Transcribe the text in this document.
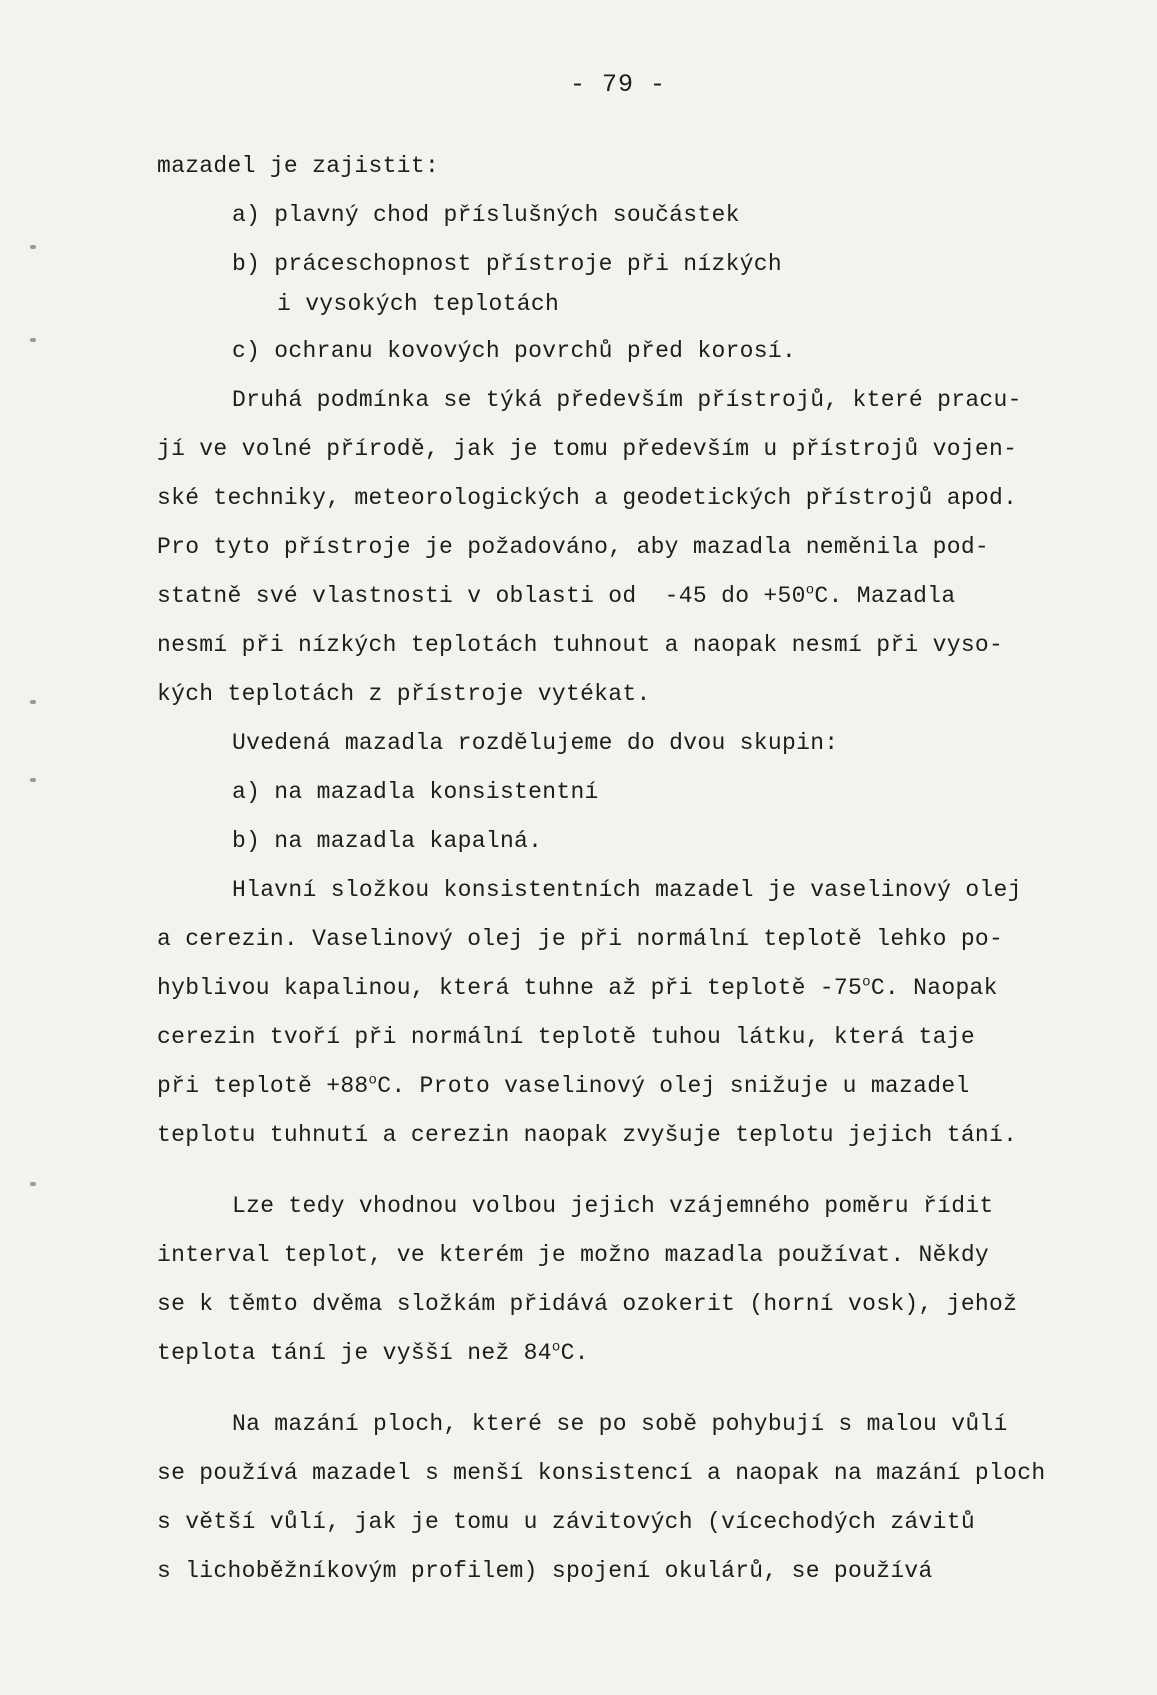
- 79 -
mazadel je zajistit:
a) plavný chod příslušných součástek
b) práceschopnost přístroje při nízkých
i vysokých teplotách
c) ochranu kovových povrchů před korosí.
Druhá podmínka se týká především přístrojů, které pracu-
jí ve volné přírodě, jak je tomu především u přístrojů vojen-
ské techniky, meteorologických a geodetických přístrojů apod.
Pro tyto přístroje je požadováno, aby mazadla neměnila pod-
statně své vlastnosti v oblasti od  -45 do $+50^oC$. Mazadla
nesmí při nízkých teplotách tuhnout a naopak nesmí při vyso-
kých teplotách z přístroje vytékat.
Uvedená mazadla rozdělujeme do dvou skupin:
a) na mazadla konsistentní
b) na mazadla kapalná.
Hlavní složkou konsistentních mazadel je vaselinový olej
a cerezin. Vaselinový olej je při normální teplotě lehko po-
hyblivou kapalinou, která tuhne až při teplotě -75$^o$C. Naopak
cerezin tvoří při normální teplotě tuhou látku, která taje
při teplotě $+88^oC$. Proto vaselinový olej snižuje u mazadel
teplotu tuhnutí a cerezin naopak zvyšuje teplotu jejich tání.
Lze tedy vhodnou volbou jejich vzájemného poměru řídit
interval teplot, ve kterém je možno mazadla používat. Někdy
se k těmto dvěma složkám přidává ozokerit (horní vosk), jehož
teplota tání je vyšší než 84$^o$C.
Na mazání ploch, které se po sobě pohybují s malou vůlí
se používá mazadel s menší konsistencí a naopak na mazání ploch
s větší vůlí, jak je tomu u závitových (vícechodých závitů
s lichoběžníkovým profilem) spojení okulárů, se používá
